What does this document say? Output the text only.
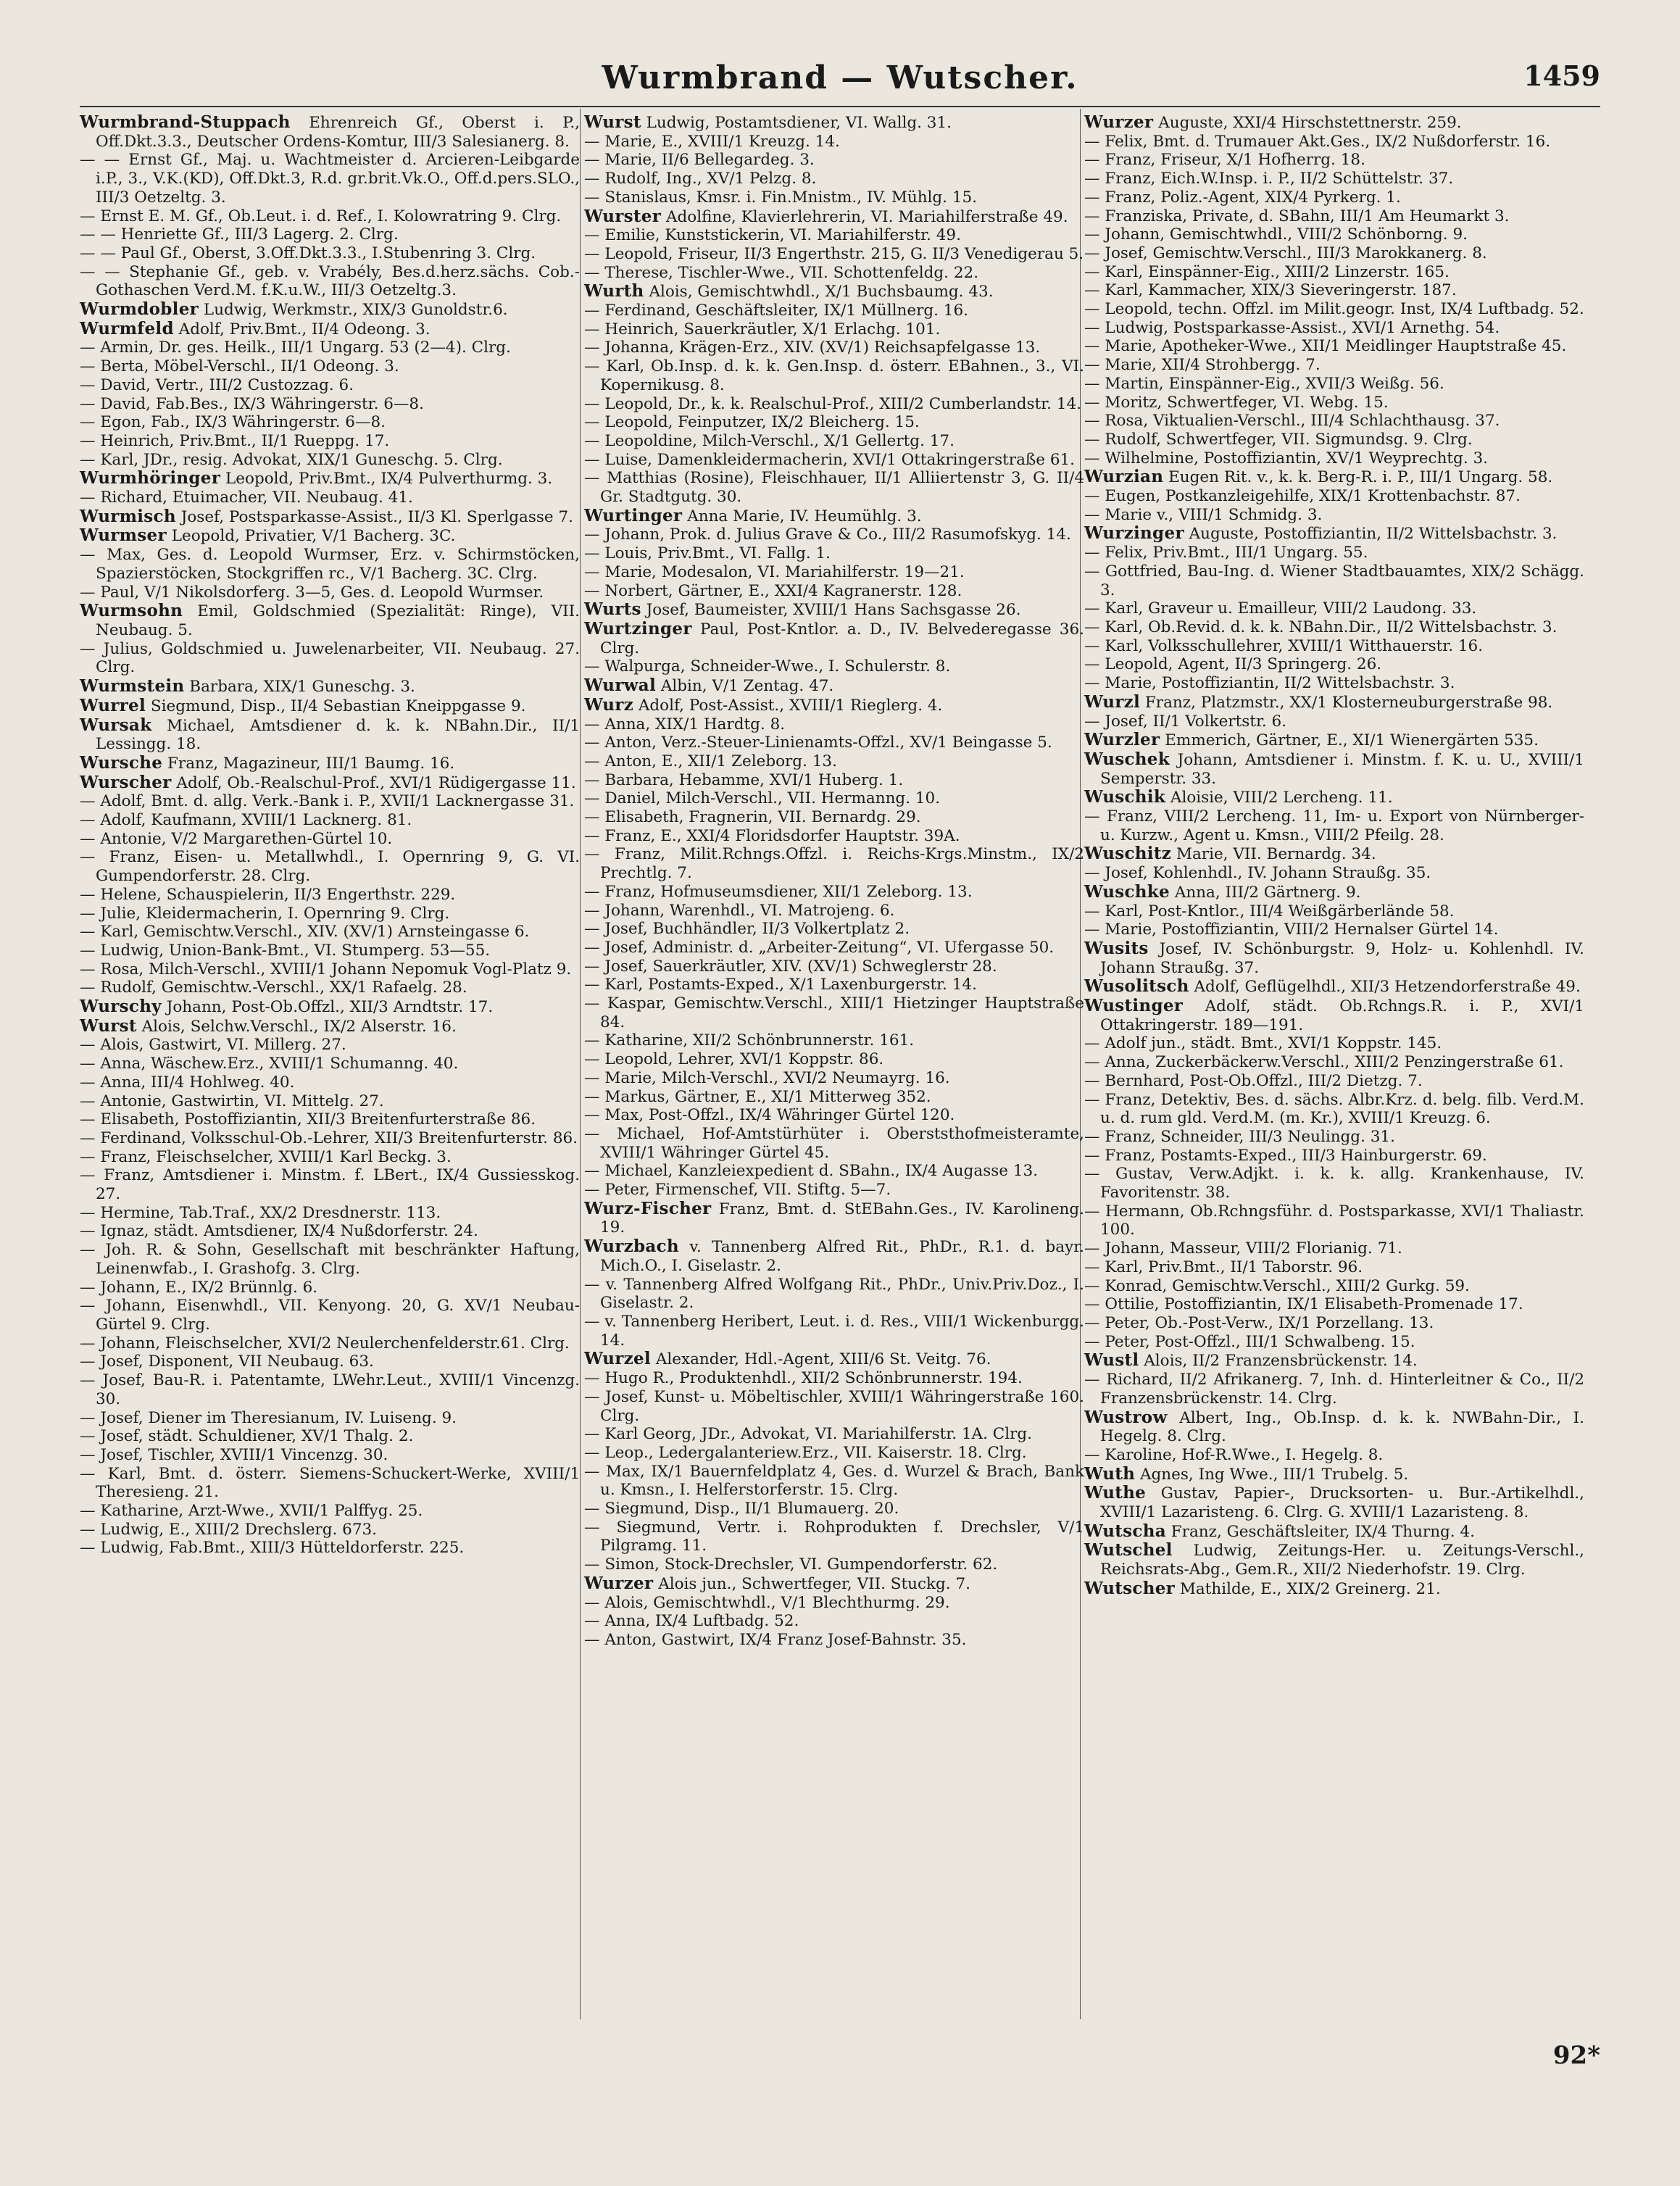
Wurmbrand — Wutscher.	1459

Wurmbrand-Stuppach Ehrenreich Gf., Oberst i. P., Off.Dkt.3.3., Deutscher Ordens-Komtur, III/3 Salesianerg. 8.

— — Ernst Gf., Maj. u. Wachtmeister d. Arcieren-Leibgarde i.P., 3., V.K.(KD), Off.Dkt.3, R.d. gr.brit.Vk.O., Off.d.pers.SLO., III/3 Oetzeltg. 3.

— Ernst E. M. Gf., Ob.Leut. i. d. Ref., I. Kolowratring 9. Clrg.

— — Henriette Gf., III/3 Lagerg. 2. Clrg.

— — Paul Gf., Oberst, 3.Off.Dkt.3.3., I.Stubenring 3. Clrg.

— — Stephanie Gf., geb. v. Vrabély, Bes.d.herz.sächs. Cob.-Gothaschen Verd.M. f.K.u.W., III/3 Oetzeltg.3.

Wurmdobler Ludwig, Werkmstr., XIX/3 Gunoldstr.6.

Wurmfeld Adolf, Priv.Bmt., II/4 Odeong. 3.

— Armin, Dr. ges. Heilk., III/1 Ungarg. 53 (2—4). Clrg.

— Berta, Möbel-Verschl., II/1 Odeong. 3.

— David, Vertr., III/2 Custozzag. 6.

— David, Fab.Bes., IX/3 Währingerstr. 6—8.

— Egon, Fab., IX/3 Währingerstr. 6—8.

— Heinrich, Priv.Bmt., II/1 Rueppg. 17.

— Karl, JDr., resig. Advokat, XIX/1 Guneschg. 5. Clrg.

Wurmhöringer Leopold, Priv.Bmt., IX/4 Pulverthurmg. 3.

— Richard, Etuimacher, VII. Neubaug. 41.

Wurmisch Josef, Postsparkasse-Assist., II/3 Kl. Sperlgasse 7.

Wurmser Leopold, Privatier, V/1 Bacherg. 3C.

— Max, Ges. d. Leopold Wurmser, Erz. v. Schirmstöcken, Spazierstöcken, Stockgriffen rc., V/1 Bacherg. 3C. Clrg.

— Paul, V/1 Nikolsdorferg. 3—5, Ges. d. Leopold Wurmser.

Wurmsohn Emil, Goldschmied (Spezialität: Ringe), VII. Neubaug. 5.

— Julius, Goldschmied u. Juwelenarbeiter, VII. Neubaug. 27. Clrg.

Wurmstein Barbara, XIX/1 Guneschg. 3.

Wurrel Siegmund, Disp., II/4 Sebastian Kneippgasse 9.

Wursak Michael, Amtsdiener d. k. k. NBahn.Dir., II/1 Lessingg. 18.

Wursche Franz, Magazineur, III/1 Baumg. 16.

Wurscher Adolf, Ob.-Realschul-Prof., XVI/1 Rüdigergasse 11.

— Adolf, Bmt. d. allg. Verk.-Bank i. P., XVII/1 Lacknergasse 31.

— Adolf, Kaufmann, XVIII/1 Lacknerg. 81.

— Antonie, V/2 Margarethen-Gürtel 10.

— Franz, Eisen- u. Metallwhdl., I. Opernring 9, G. VI. Gumpendorferstr. 28. Clrg.

— Helene, Schauspielerin, II/3 Engerthstr. 229.

— Julie, Kleidermacherin, I. Opernring 9. Clrg.

— Karl, Gemischtw.Verschl., XIV. (XV/1) Arnsteingasse 6.

— Ludwig, Union-Bank-Bmt., VI. Stumperg. 53—55.

— Rosa, Milch-Verschl., XVIII/1 Johann Nepomuk Vogl-Platz 9.

— Rudolf, Gemischtw.-Verschl., XX/1 Rafaelg. 28.

Wurschy Johann, Post-Ob.Offzl., XII/3 Arndtstr. 17.

Wurst Alois, Selchw.Verschl., IX/2 Alserstr. 16.

— Alois, Gastwirt, VI. Millerg. 27.

— Anna, Wäschew.Erz., XVIII/1 Schumanng. 40.

— Anna, III/4 Hohlweg. 40.

— Antonie, Gastwirtin, VI. Mittelg. 27.

— Elisabeth, Postoffiziantin, XII/3 Breitenfurterstraße 86.

— Ferdinand, Volksschul-Ob.-Lehrer, XII/3 Breitenfurterstr. 86.

— Franz, Fleischselcher, XVIII/1 Karl Beckg. 3.

— Franz, Amtsdiener i. Minstm. f. LBert., IX/4 Gussiesskog. 27.

— Hermine, Tab.Traf., XX/2 Dresdnerstr. 113.

— Ignaz, städt. Amtsdiener, IX/4 Nußdorferstr. 24.

— Joh. R. & Sohn, Gesellschaft mit beschränkter Haftung, Leinenwfab., I. Grashofg. 3. Clrg.

— Johann, E., IX/2 Brünnlg. 6.

— Johann, Eisenwhdl., VII. Kenyong. 20, G. XV/1 Neubau-Gürtel 9. Clrg.

— Johann, Fleischselcher, XVI/2 Neulerchenfelderstr.61. Clrg.

— Josef, Disponent, VII Neubaug. 63.

— Josef, Bau-R. i. Patentamte, LWehr.Leut., XVIII/1 Vincenzg. 30.

— Josef, Diener im Theresianum, IV. Luiseng. 9.

— Josef, städt. Schuldiener, XV/1 Thalg. 2.

— Josef, Tischler, XVIII/1 Vincenzg. 30.

— Karl, Bmt. d. österr. Siemens-Schuckert-Werke, XVIII/1 Theresieng. 21.

— Katharine, Arzt-Wwe., XVII/1 Palffyg. 25.

— Ludwig, E., XIII/2 Drechslerg. 673.

— Ludwig, Fab.Bmt., XIII/3 Hütteldorferstr. 225.

Wurst Ludwig, Postamtsdiener, VI. Wallg. 31.

— Marie, E., XVIII/1 Kreuzg. 14.

— Marie, II/6 Bellegardeg. 3.

— Rudolf, Ing., XV/1 Pelzg. 8.

— Stanislaus, Kmsr. i. Fin.Mnistm., IV. Mühlg. 15.

Wurster Adolfine, Klavierlehrerin, VI. Mariahilferstraße 49.

— Emilie, Kunststickerin, VI. Mariahilferstr. 49.

— Leopold, Friseur, II/3 Engerthstr. 215, G. II/3 Venedigerau 5.

— Therese, Tischler-Wwe., VII. Schottenfeldg. 22.

Wurth Alois, Gemischtwhdl., X/1 Buchsbaumg. 43.

— Ferdinand, Geschäftsleiter, IX/1 Müllnerg. 16.

— Heinrich, Sauerkräutler, X/1 Erlachg. 101.

— Johanna, Krägen-Erz., XIV. (XV/1) Reichsapfelgasse 13.

— Karl, Ob.Insp. d. k. k. Gen.Insp. d. österr. EBahnen., 3., VI. Kopernikusg. 8.

— Leopold, Dr., k. k. Realschul-Prof., XIII/2 Cumberlandstr. 14.

— Leopold, Feinputzer, IX/2 Bleicherg. 15.

— Leopoldine, Milch-Verschl., X/1 Gellertg. 17.

— Luise, Damenkleidermacherin, XVI/1 Ottakringerstraße 61.

— Matthias (Rosine), Fleischhauer, II/1 Alliiertenstr 3, G. II/4 Gr. Stadtgutg. 30.

Wurtinger Anna Marie, IV. Heumühlg. 3.

— Johann, Prok. d. Julius Grave & Co., III/2 Rasumofskyg. 14.

— Louis, Priv.Bmt., VI. Fallg. 1.

— Marie, Modesalon, VI. Mariahilferstr. 19—21.

— Norbert, Gärtner, E., XXI/4 Kagranerstr. 128.

Wurts Josef, Baumeister, XVIII/1 Hans Sachsgasse 26.

Wurtzinger Paul, Post-Kntlor. a. D., IV. Belvederegasse 36. Clrg.

— Walpurga, Schneider-Wwe., I. Schulerstr. 8.

Wurwal Albin, V/1 Zentag. 47.

Wurz Adolf, Post-Assist., XVIII/1 Rieglerg. 4.

— Anna, XIX/1 Hardtg. 8.

— Anton, Verz.-Steuer-Linienamts-Offzl., XV/1 Beingasse 5.

— Anton, E., XII/1 Zeleborg. 13.

— Barbara, Hebamme, XVI/1 Huberg. 1.

— Daniel, Milch-Verschl., VII. Hermanng. 10.

— Elisabeth, Fragnerin, VII. Bernardg. 29.

— Franz, E., XXI/4 Floridsdorfer Hauptstr. 39A.

— Franz, Milit.Rchngs.Offzl. i. Reichs-Krgs.Minstm., IX/2 Prechtlg. 7.

— Franz, Hofmuseumsdiener, XII/1 Zeleborg. 13.

— Johann, Warenhdl., VI. Matrojeng. 6.

— Josef, Buchhändler, II/3 Volkertplatz 2.

— Josef, Administr. d. „Arbeiter-Zeitung“, VI. Ufergasse 50.

— Josef, Sauerkräutler, XIV. (XV/1) Schweglerstr 28.

— Karl, Postamts-Exped., X/1 Laxenburgerstr. 14.

— Kaspar, Gemischtw.Verschl., XIII/1 Hietzinger Hauptstraße 84.

— Katharine, XII/2 Schönbrunnerstr. 161.

— Leopold, Lehrer, XVI/1 Koppstr. 86.

— Marie, Milch-Verschl., XVI/2 Neumayrg. 16.

— Markus, Gärtner, E., XI/1 Mitterweg 352.

— Max, Post-Offzl., IX/4 Währinger Gürtel 120.

— Michael, Hof-Amtstürhüter i. Oberststhofmeisteramte, XVIII/1 Währinger Gürtel 45.

— Michael, Kanzleiexpedient d. SBahn., IX/4 Augasse 13.

— Peter, Firmenschef, VII. Stiftg. 5—7.

Wurz-Fischer Franz, Bmt. d. StEBahn.Ges., IV. Karolineng. 19.

Wurzbach v. Tannenberg Alfred Rit., PhDr., R.1. d. bayr. Mich.O., I. Giselastr. 2.

— v. Tannenberg Alfred Wolfgang Rit., PhDr., Univ.Priv.Doz., I. Giselastr. 2.

— v. Tannenberg Heribert, Leut. i. d. Res., VIII/1 Wickenburgg. 14.

Wurzel Alexander, Hdl.-Agent, XIII/6 St. Veitg. 76.

— Hugo R., Produktenhdl., XII/2 Schönbrunnerstr. 194.

— Josef, Kunst- u. Möbeltischler, XVIII/1 Währingerstraße 160. Clrg.

— Karl Georg, JDr., Advokat, VI. Mariahilferstr. 1A. Clrg.

— Leop., Ledergalanteriew.Erz., VII. Kaiserstr. 18. Clrg.

— Max, IX/1 Bauernfeldplatz 4, Ges. d. Wurzel & Brach, Bank u. Kmsn., I. Helferstorferstr. 15. Clrg.

— Siegmund, Disp., II/1 Blumauerg. 20.

— Siegmund, Vertr. i. Rohprodukten f. Drechsler, V/1 Pilgramg. 11.

— Simon, Stock-Drechsler, VI. Gumpendorferstr. 62.

Wurzer Alois jun., Schwertfeger, VII. Stuckg. 7.

— Alois, Gemischtwhdl., V/1 Blechthurmg. 29.

— Anna, IX/4 Luftbadg. 52.

— Anton, Gastwirt, IX/4 Franz Josef-Bahnstr. 35.

Wurzer Auguste, XXI/4 Hirschstettnerstr. 259.

— Felix, Bmt. d. Trumauer Akt.Ges., IX/2 Nußdorferstr. 16.

— Franz, Friseur, X/1 Hofherrg. 18.

— Franz, Eich.W.Insp. i. P., II/2 Schüttelstr. 37.

— Franz, Poliz.-Agent, XIX/4 Pyrkerg. 1.

— Franziska, Private, d. SBahn, III/1 Am Heumarkt 3.

— Johann, Gemischtwhdl., VIII/2 Schönborng. 9.

— Josef, Gemischtw.Verschl., III/3 Marokkanerg. 8.

— Karl, Einspänner-Eig., XIII/2 Linzerstr. 165.

— Karl, Kammacher, XIX/3 Sieveringerstr. 187.

— Leopold, techn. Offzl. im Milit.geogr. Inst, IX/4 Luftbadg. 52.

— Ludwig, Postsparkasse-Assist., XVI/1 Arnethg. 54.

— Marie, Apotheker-Wwe., XII/1 Meidlinger Hauptstraße 45.

— Marie, XII/4 Strohbergg. 7.

— Martin, Einspänner-Eig., XVII/3 Weißg. 56.

— Moritz, Schwertfeger, VI. Webg. 15.

— Rosa, Viktualien-Verschl., III/4 Schlachthausg. 37.

— Rudolf, Schwertfeger, VII. Sigmundsg. 9. Clrg.

— Wilhelmine, Postoffiziantin, XV/1 Weyprechtg. 3.

Wurzian Eugen Rit. v., k. k. Berg-R. i. P., III/1 Ungarg. 58.

— Eugen, Postkanzleigehilfe, XIX/1 Krottenbachstr. 87.

— Marie v., VIII/1 Schmidg. 3.

Wurzinger Auguste, Postoffiziantin, II/2 Wittelsbachstr. 3.

— Felix, Priv.Bmt., III/1 Ungarg. 55.

— Gottfried, Bau-Ing. d. Wiener Stadtbauamtes, XIX/2 Schägg. 3.

— Karl, Graveur u. Emailleur, VIII/2 Laudong. 33.

— Karl, Ob.Revid. d. k. k. NBahn.Dir., II/2 Wittelsbachstr. 3.

— Karl, Volksschullehrer, XVIII/1 Witthauerstr. 16.

— Leopold, Agent, II/3 Springerg. 26.

— Marie, Postoffiziantin, II/2 Wittelsbachstr. 3.

Wurzl Franz, Platzmstr., XX/1 Klosterneuburgerstraße 98.

— Josef, II/1 Volkertstr. 6.

Wurzler Emmerich, Gärtner, E., XI/1 Wienergärten 535.

Wuschek Johann, Amtsdiener i. Minstm. f. K. u. U., XVIII/1 Semperstr. 33.

Wuschik Aloisie, VIII/2 Lercheng. 11.

— Franz, VIII/2 Lercheng. 11, Im- u. Export von Nürnberger- u. Kurzw., Agent u. Kmsn., VIII/2 Pfeilg. 28.

Wuschitz Marie, VII. Bernardg. 34.

— Josef, Kohlenhdl., IV. Johann Straußg. 35.

Wuschke Anna, III/2 Gärtnerg. 9.

— Karl, Post-Kntlor., III/4 Weißgärberlände 58.

— Marie, Postoffiziantin, VIII/2 Hernalser Gürtel 14.

Wusits Josef, IV. Schönburgstr. 9, Holz- u. Kohlenhdl. IV. Johann Straußg. 37.

Wusolitsch Adolf, Geflügelhdl., XII/3 Hetzendorferstraße 49.

Wustinger Adolf, städt. Ob.Rchngs.R. i. P., XVI/1 Ottakringerstr. 189—191.

— Adolf jun., städt. Bmt., XVI/1 Koppstr. 145.

— Anna, Zuckerbäckerw.Verschl., XIII/2 Penzingerstraße 61.

— Bernhard, Post-Ob.Offzl., III/2 Dietzg. 7.

— Franz, Detektiv, Bes. d. sächs. Albr.Krz. d. belg. filb. Verd.M. u. d. rum gld. Verd.M. (m. Kr.), XVIII/1 Kreuzg. 6.

— Franz, Schneider, III/3 Neulingg. 31.

— Franz, Postamts-Exped., III/3 Hainburgerstr. 69.

— Gustav, Verw.Adjkt. i. k. k. allg. Krankenhause, IV. Favoritenstr. 38.

— Hermann, Ob.Rchngsführ. d. Postsparkasse, XVI/1 Thaliastr. 100.

— Johann, Masseur, VIII/2 Florianig. 71.

— Karl, Priv.Bmt., II/1 Taborstr. 96.

— Konrad, Gemischtw.Verschl., XIII/2 Gurkg. 59.

— Ottilie, Postoffiziantin, IX/1 Elisabeth-Promenade 17.

— Peter, Ob.-Post-Verw., IX/1 Porzellang. 13.

— Peter, Post-Offzl., III/1 Schwalbeng. 15.

Wustl Alois, II/2 Franzensbrückenstr. 14.

— Richard, II/2 Afrikanerg. 7, Inh. d. Hinterleitner & Co., II/2 Franzensbrückenstr. 14. Clrg.

Wustrow Albert, Ing., Ob.Insp. d. k. k. NWBahn-Dir., I. Hegelg. 8. Clrg.

— Karoline, Hof-R.Wwe., I. Hegelg. 8.

Wuth Agnes, Ing Wwe., III/1 Trubelg. 5.

Wuthe Gustav, Papier-, Drucksorten- u. Bur.-Artikelhdl., XVIII/1 Lazaristeng. 6. Clrg. G. XVIII/1 Lazaristeng. 8.

Wutscha Franz, Geschäftsleiter, IX/4 Thurng. 4.

Wutschel Ludwig, Zeitungs-Her. u. Zeitungs-Verschl., Reichsrats-Abg., Gem.R., XII/2 Niederhofstr. 19. Clrg.

Wutscher Mathilde, E., XIX/2 Greinerg. 21.

92*
